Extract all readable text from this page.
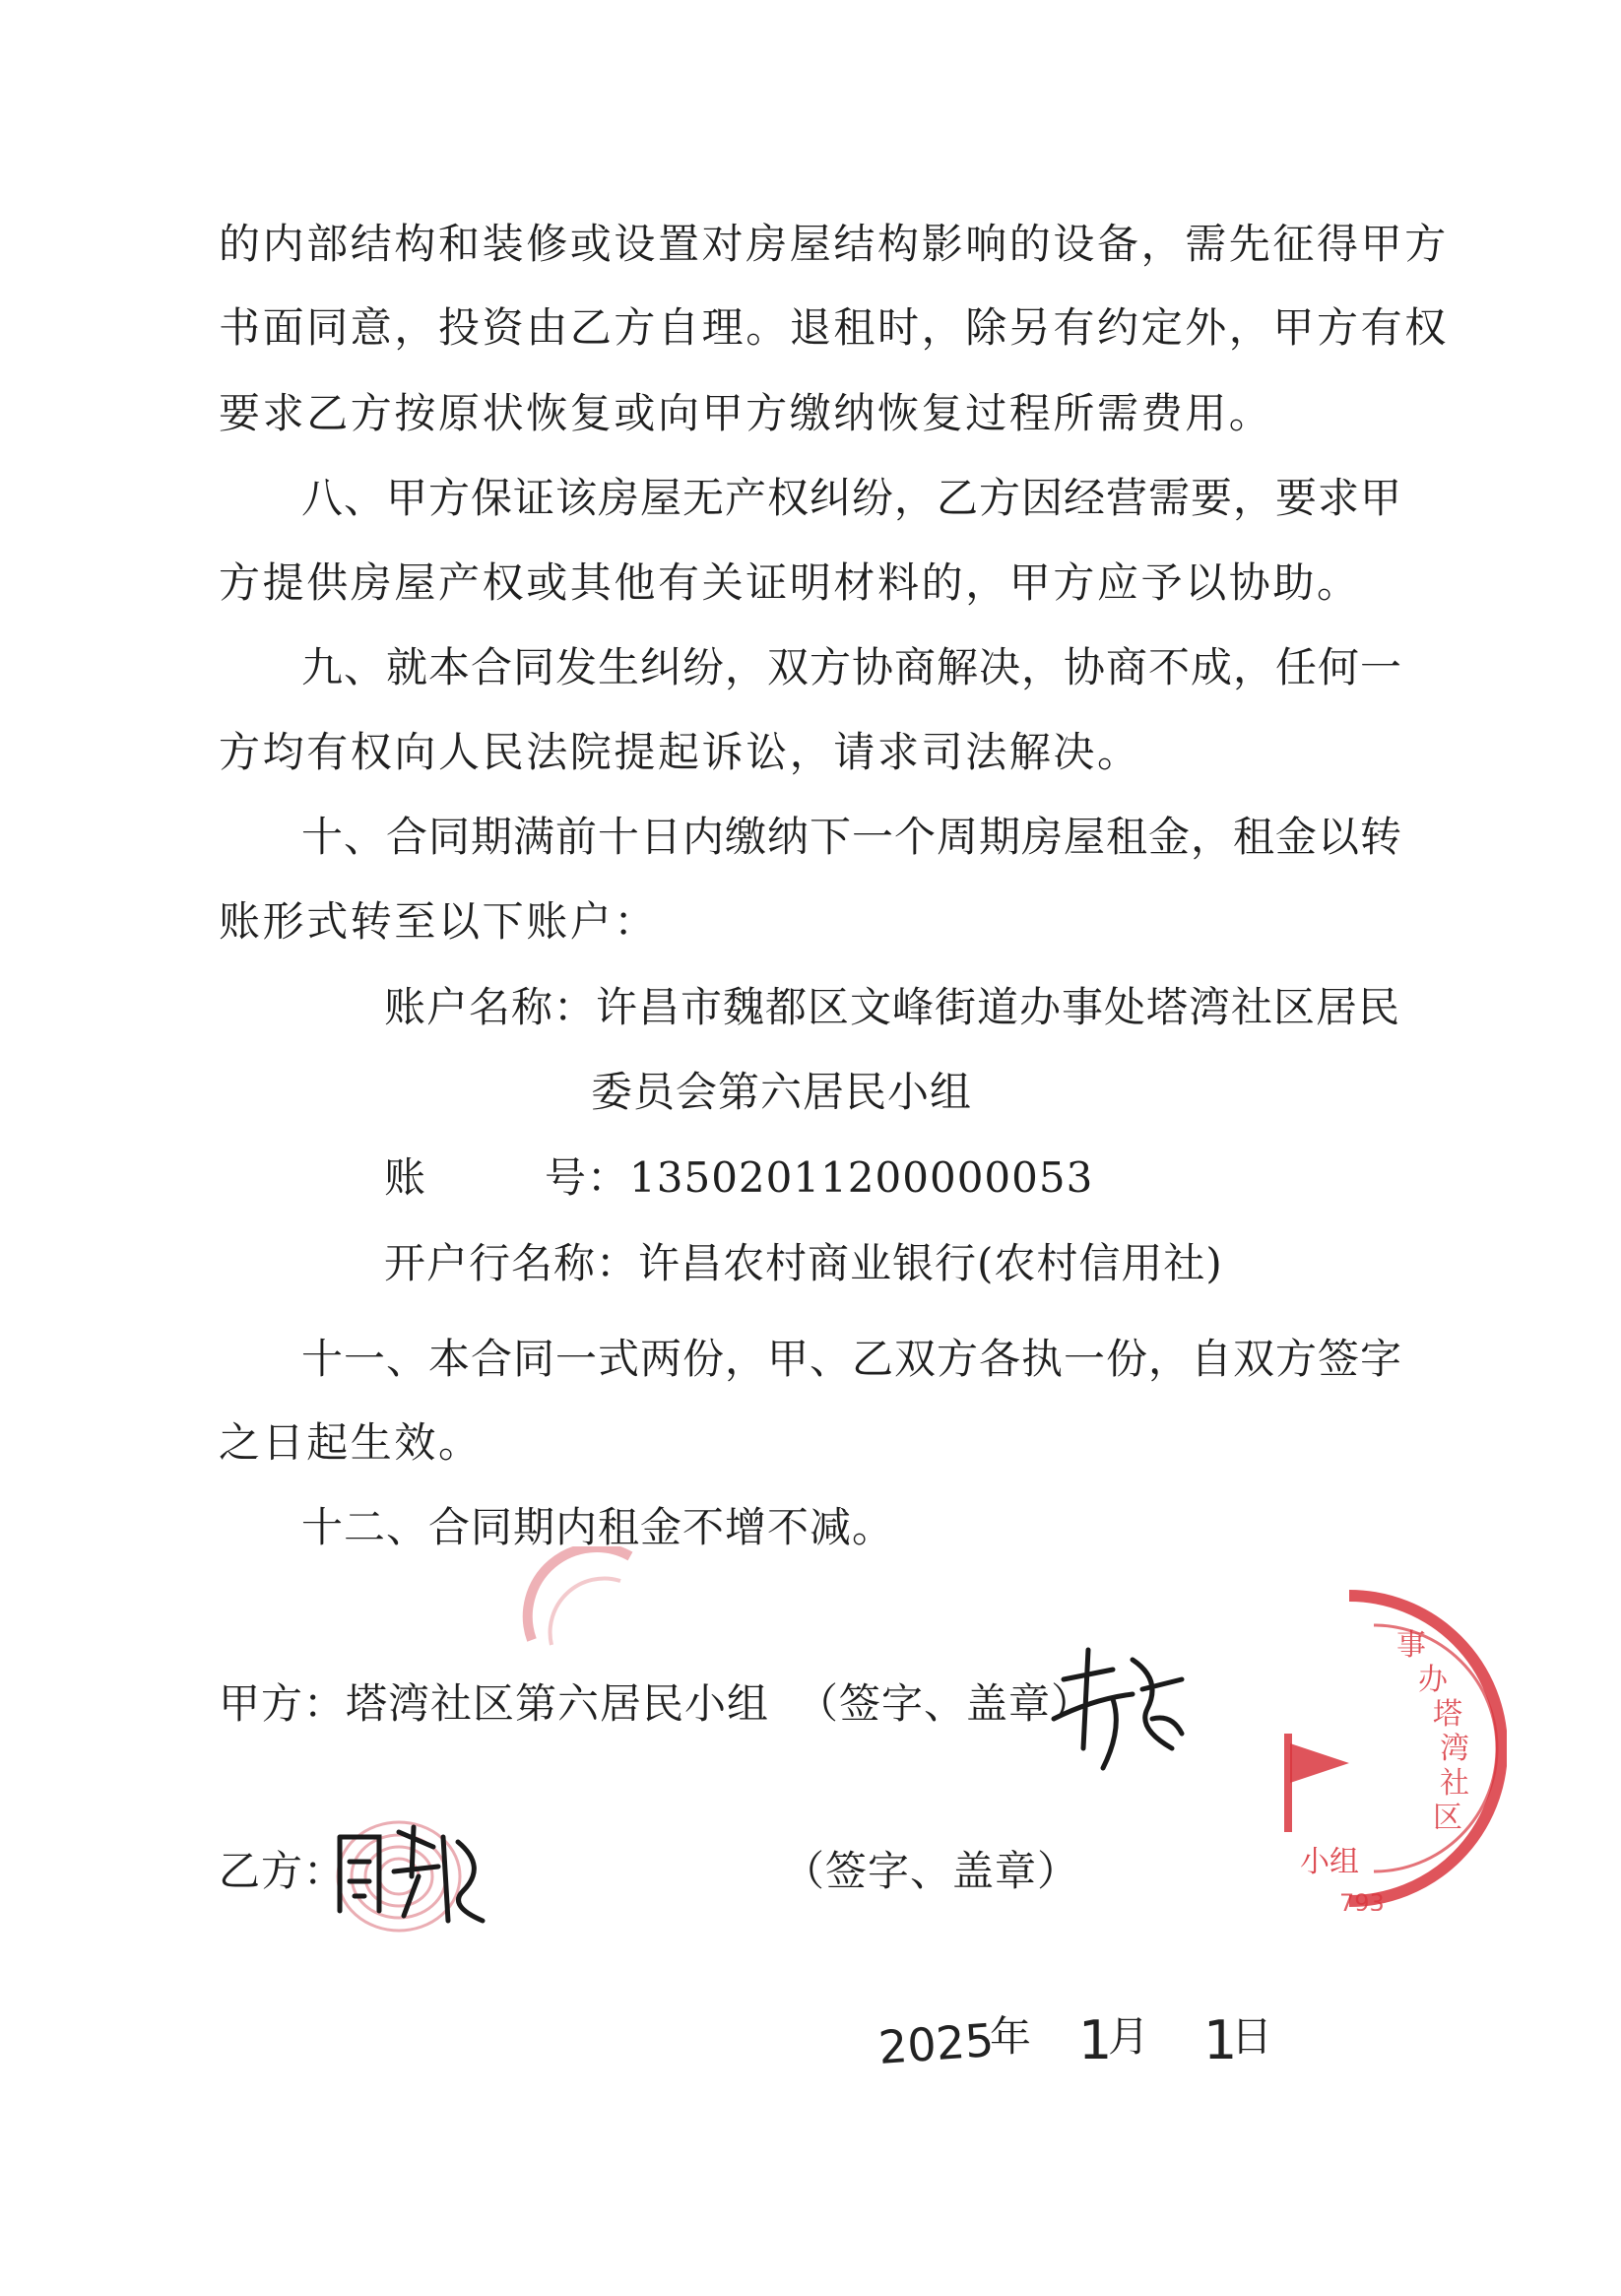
的内部结构和装修或设置对房屋结构影响的设备，需先征得甲方
书面同意，投资由乙方自理。退租时，除另有约定外，甲方有权
要求乙方按原状恢复或向甲方缴纳恢复过程所需费用。
八、甲方保证该房屋无产权纠纷，乙方因经营需要，要求甲
方提供房屋产权或其他有关证明材料的，甲方应予以协助。
九、就本合同发生纠纷，双方协商解决，协商不成，任何一
方均有权向人民法院提起诉讼，请求司法解决。
十、合同期满前十日内缴纳下一个周期房屋租金，租金以转
账形式转至以下账户：
账户名称：许昌市魏都区文峰街道办事处塔湾社区居民
委员会第六居民小组
账	号：13502011200000053
开户行名称：许昌农村商业银行(农村信用社)
十一、本合同一式两份，甲、乙双方各执一份，自双方签字
之日起生效。
十二、合同期内租金不增不减。
甲方：塔湾社区第六居民小组 （签字、盖章）
事
办
塔
湾
社
区
小组
793
乙方：	（签字、盖章）
2025
年 1
月 1
日
